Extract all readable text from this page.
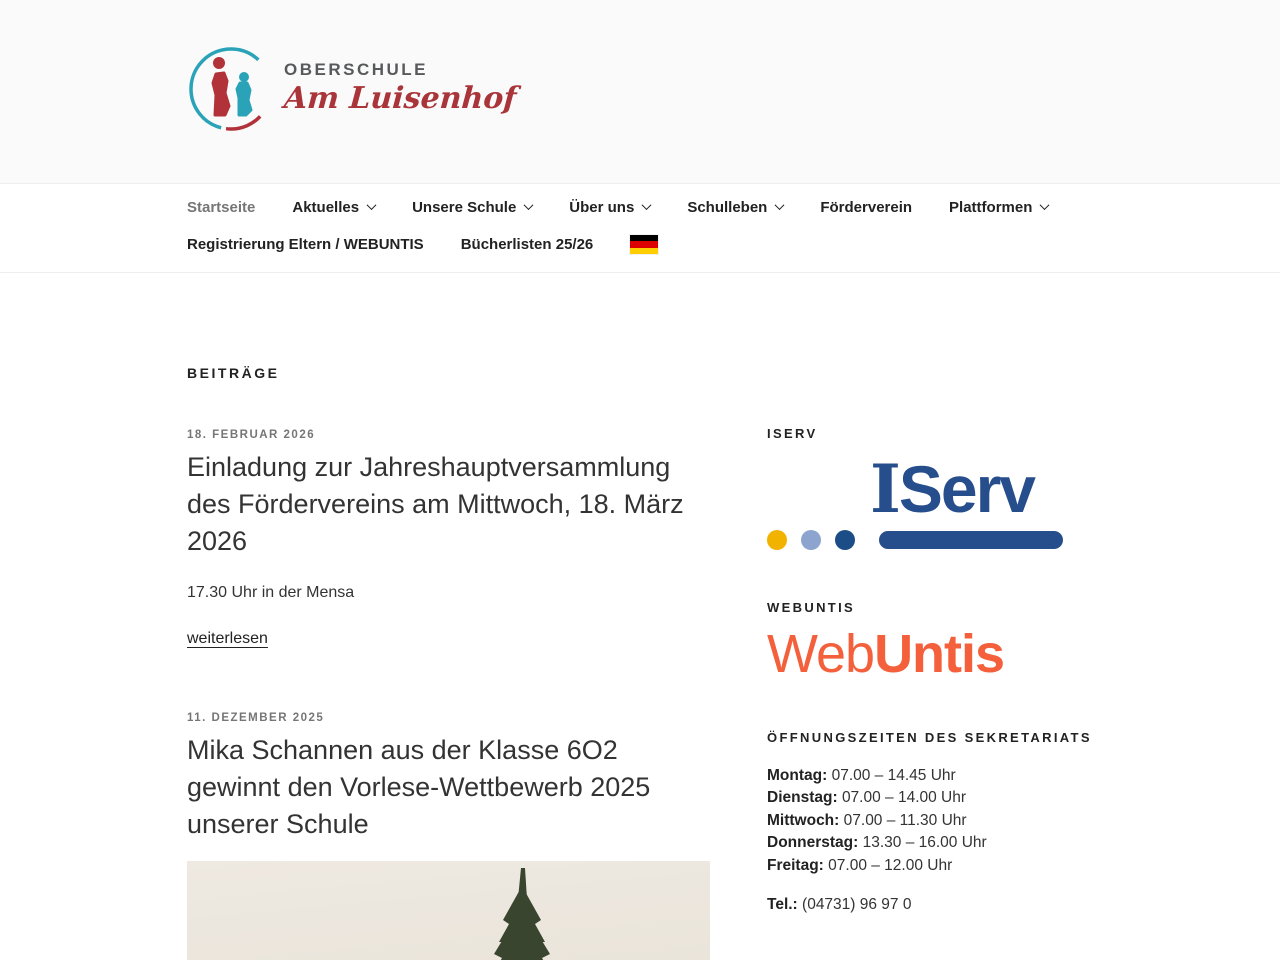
OBERSCHULE
Am Luisenhof
Startseite Aktuelles	Unsere Schule	Über uns	Schulleben	Förderverein Plattformen
Registrierung Eltern / WEBUNTIS Bücherlisten 25/26
BEITRÄGE
18. FEBRUAR 2026
Einladung zur Jahreshauptversammlung des Fördervereins am Mittwoch, 18. März 2026

17.30 Uhr in der Mensa

weiterlesen
11. DEZEMBER 2025
Mika Schannen aus der Klasse 6O2 gewinnt den Vorlese-Wettbewerb 2025 unserer Schule
ISERV
IServ
WEBUNTIS
WebUntis
ÖFFNUNGSZEITEN DES SEKRETARIATS
Montag: 07.00 – 14.45 Uhr
Dienstag: 07.00 – 14.00 Uhr
Mittwoch: 07.00 – 11.30 Uhr
Donnerstag: 13.30 – 16.00 Uhr
Freitag: 07.00 – 12.00 Uhr
Tel.: (04731) 96 97 0
